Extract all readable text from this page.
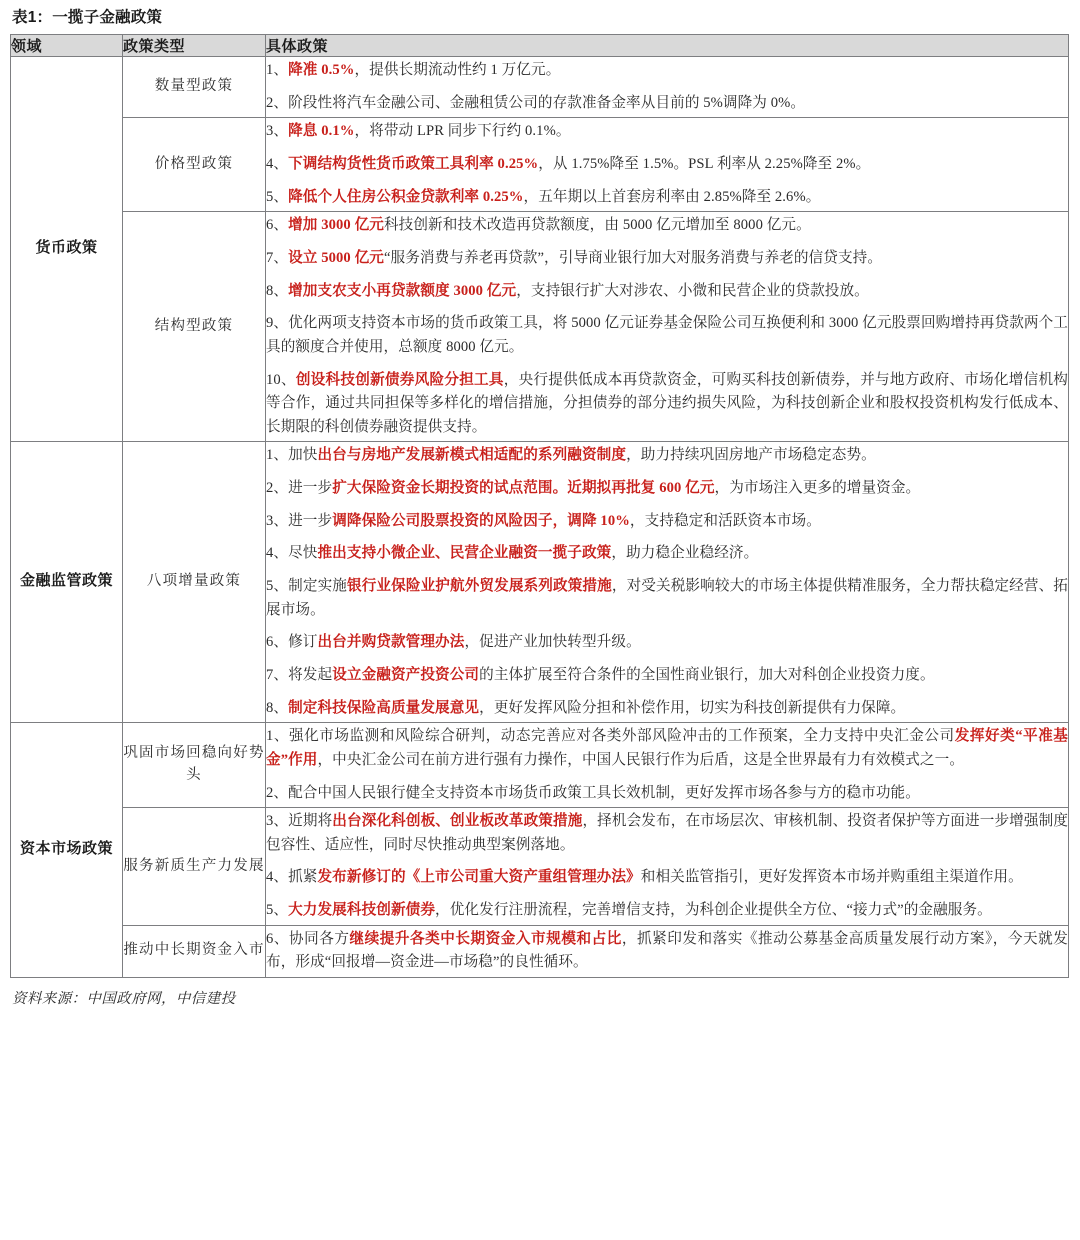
表1：一揽子金融政策
领域	政策类型	具体政策
货币政策	数量型政策	1、降准 0.5%，提供长期流动性约 1 万亿元。

2、阶段性将汽车金融公司、金融租赁公司的存款准备金率从目前的 5%调降为 0%。

	价格型政策	3、降息 0.1%，将带动 LPR 同步下行约 0.1%。

4、下调结构货性货币政策工具利率 0.25%，从 1.75%降至 1.5%。PSL 利率从 2.25%降至 2%。

5、降低个人住房公积金贷款利率 0.25%，五年期以上首套房利率由 2.85%降至 2.6%。

	结构型政策	6、增加 3000 亿元科技创新和技术改造再贷款额度，由 5000 亿元增加至 8000 亿元。

7、设立 5000 亿元“服务消费与养老再贷款”，引导商业银行加大对服务消费与养老的信贷支持。

8、增加支农支小再贷款额度 3000 亿元，支持银行扩大对涉农、小微和民营企业的贷款投放。

9、优化两项支持资本市场的货币政策工具，将 5000 亿元证券基金保险公司互换便利和 3000 亿元股票回购增持再贷款两个工具的额度合并使用，总额度 8000 亿元。

10、创设科技创新债券风险分担工具，央行提供低成本再贷款资金，可购买科技创新债券，并与地方政府、市场化增信机构等合作，通过共同担保等多样化的增信措施，分担债券的部分违约损失风险，为科技创新企业和股权投资机构发行低成本、长期限的科创债券融资提供支持。

金融监管政策	八项增量政策	

1、加快出台与房地产发展新模式相适配的系列融资制度，助力持续巩固房地产市场稳定态势。

2、进一步扩大保险资金长期投资的试点范围。近期拟再批复 600 亿元，为市场注入更多的增量资金。

3、进一步调降保险公司股票投资的风险因子，调降 10%，支持稳定和活跃资本市场。

4、尽快推出支持小微企业、民营企业融资一揽子政策，助力稳企业稳经济。

5、制定实施银行业保险业护航外贸发展系列政策措施，对受关税影响较大的市场主体提供精准服务，全力帮扶稳定经营、拓展市场。

6、修订出台并购贷款管理办法，促进产业加快转型升级。

7、将发起设立金融资产投资公司的主体扩展至符合条件的全国性商业银行，加大对科创企业投资力度。

8、制定科技保险高质量发展意见，更好发挥风险分担和补偿作用，切实为科技创新提供有力保障。

资本市场政策	巩固市场回稳向好势头	1、强化市场监测和风险综合研判，动态完善应对各类外部风险冲击的工作预案，全力支持中央汇金公司发挥好类“平准基金”作用，中央汇金公司在前方进行强有力操作，中国人民银行作为后盾，这是全世界最有力有效模式之一。

2、配合中国人民银行健全支持资本市场货币政策工具长效机制，更好发挥市场各参与方的稳市功能。

	服务新质生产力发展	3、近期将出台深化科创板、创业板改革政策措施，择机会发布，在市场层次、审核机制、投资者保护等方面进一步增强制度包容性、适应性，同时尽快推动典型案例落地。

4、抓紧发布新修订的《上市公司重大资产重组管理办法》和相关监管指引，更好发挥资本市场并购重组主渠道作用。

5、大力发展科技创新债券，优化发行注册流程，完善增信支持，为科创企业提供全方位、“接力式”的金融服务。

	推动中长期资金入市	6、协同各方继续提升各类中长期资金入市规模和占比，抓紧印发和落实《推动公募基金高质量发展行动方案》，今天就发布，形成“回报增—资金进—市场稳”的良性循环。

资料来源：中国政府网，中信建投
